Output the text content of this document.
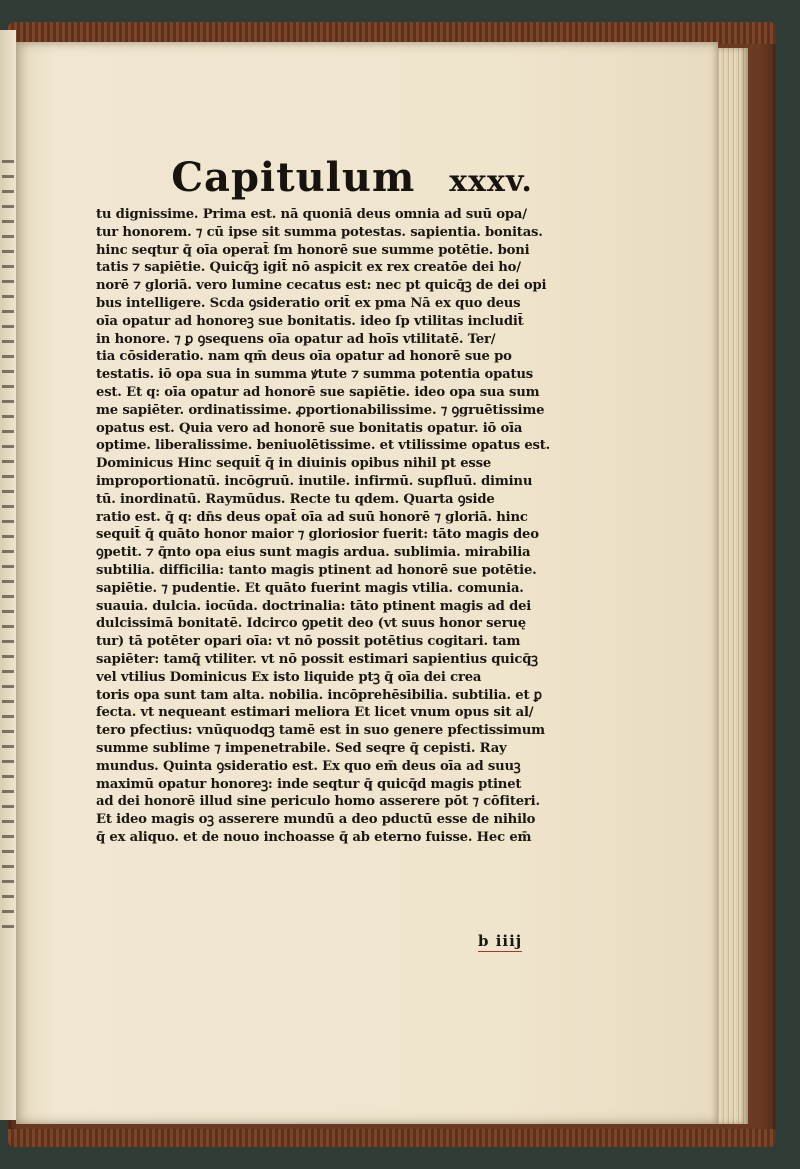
Capitulum xxxv.
tu dignissime. Prima est. nā quoniā deus omnia ad suū opa/
tur honorem. ⁊ cū ipse sit summa potestas. sapientia. bonitas.
hinc seqtur q̄ oīa operat̄ ſm honorē sue summe potētie. boni
tatis ⁊ sapiētie. Quicq̄ꝫ igit̄ nō aspicit ex rex creatōe dei ho/
norē ⁊ gloriā. vero lumine cecatus est: nec pt quicq̄ꝫ de dei opi
bus intelligere. Scda ꝯsideratio orit̄ ex pma Nā ex quo deus
oīa opatur ad honoreꝫ sue bonitatis. ideo ſp vtilitas includit̄
in honore. ⁊ ꝑ ꝯsequens oīa opatur ad hoīs vtilitatē. Ter/
tia cōsideratio. nam qm̄ deus oīa opatur ad honorē sue po
testatis. iō opa sua in summa ꝟtute ⁊ summa potentia opatus
est. Et q: oīa opatur ad honorē sue sapiētie. ideo opa sua sum
me sapiēter. ordinatissime. ꝓportionabilissime. ⁊ ꝯgruētissime
opatus est. Quia vero ad honorē sue bonitatis opatur. iō oīa
optime. liberalissime. beniuolētissime. et vtilissime opatus est.
Dominicus Hinc sequit̄ q̄ in diuinis opibus nihil pt esse
improportionatū. incōgruū. inutile. infirmū. supfluū. diminu
tū. inordinatū. Raymūdus. Recte tu qdem. Quarta ꝯside
ratio est. q̄ q: dn̄s deus opat̄ oīa ad suū honorē ⁊ gloriā. hinc
sequit̄ q̄ quāto honor maior ⁊ gloriosior fuerit: tāto magis deo
ꝯpetit. ⁊ q̄nto opa eius sunt magis ardua. sublimia. mirabilia
subtilia. difficilia: tanto magis ptinent ad honorē sue potētie.
sapiētie. ⁊ pudentie. Et quāto fuerint magis vtilia. comunia.
suauia. dulcia. iocūda. doctrinalia: tāto ptinent magis ad dei
dulcissimā bonitatē. Idcirco ꝯpetit deo (vt suus honor seruę
tur) tā potēter opari oīa: vt nō possit potētius cogitari. tam
sapiēter: tamq̄ vtiliter. vt nō possit estimari sapientius quicq̄ꝫ
vel vtilius Dominicus Ex isto liquide ptꝫ q̄ oīa dei crea
toris opa sunt tam alta. nobilia. incōprehēsibilia. subtilia. et ꝑ
fecta. vt nequeant estimari meliora Et licet vnum opus sit al/
tero pfectius: vnūquodqꝫ tamē est in suo genere pfectissimum
summe sublime ⁊ impenetrabile. Sed seqre q̄ cepisti. Ray
mundus. Quinta ꝯsideratio est. Ex quo em̄ deus oīa ad suuꝫ
maximū opatur honoreꝫ: inde seqtur q̄ quicq̄d magis ptinet
ad dei honorē illud sine periculo homo asserere pōt ⁊ cōfiteri.
Et ideo magis oꝫ asserere mundū a deo pductū esse de nihilo
q̄ ex aliquo. et de nouo inchoasse q̄ ab eterno fuisse. Hec em̄
b iiij
